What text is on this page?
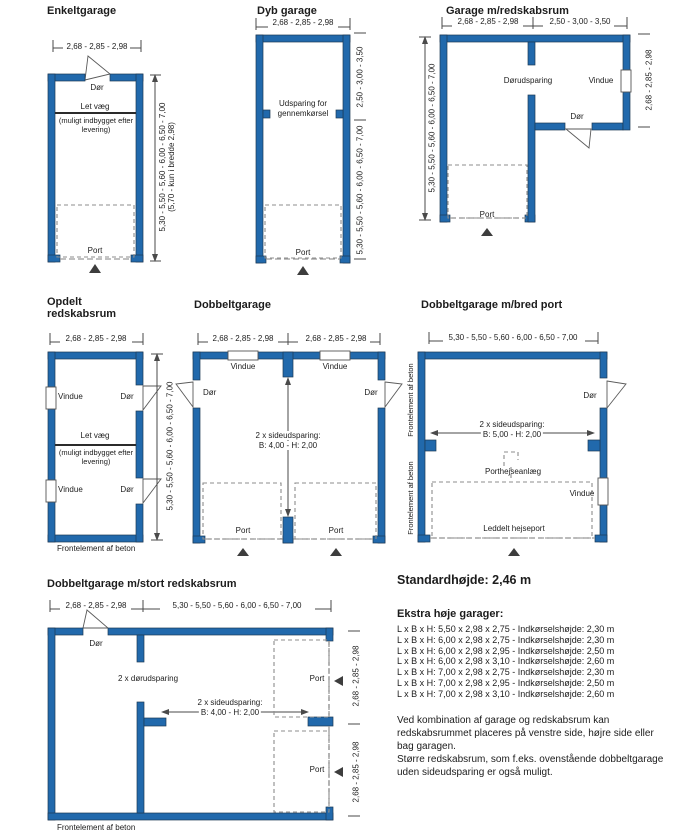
Enkeltgarage
2,68 - 2,85 - 2,98
5,30 - 5,50 - 5,60 - 6,00 - 6,50 - 7,00 (5,70 - kun i bredde 2,98)
Dør
Let væg
(muligt indbygget efter levering)
Port
Dyb garage
2,68 - 2,85 - 2,98
Udsparing for
gennemkørsel
Port
2,50 - 3,00 - 3,50
5,30 - 5,50 - 5,60 - 6,00 - 6,50 - 7,00
Garage m/redskabsrum
2,68 - 2,85 - 2,98	2,50 - 3,00 - 3,50
Dørudsparing	Vindue
Dør
Port
5,30 - 5,50 - 5,60 - 6,00 - 6,50 - 7,00	2,68 - 2,85 - 2,98
Opdelt
redskabsrum
2,68 - 2,85 - 2,98
Vindue	Dør
Vindue	Dør
Let væg
(muligt indbygget efter levering)
Frontelement af beton
5,30 - 5,50 - 5,60 - 6,00 - 6,50 - 7,00
Dobbeltgarage
2,68 - 2,85 - 2,98	2,68 - 2,85 - 2,98
Vindue	Vindue
Dør	Dør
2 x sideudsparing:
B: 4,00 - H: 2,00
Port	Port
Dobbeltgarage m/bred port
5,30 - 5,50 - 5,60 - 6,00 - 6,50 - 7,00
Frontelement af beton
Frontelement af beton
Dør
2 x sideudsparing:
B: 5,00 - H: 2,00
Porthejseanlæg
Vindue
Leddelt hejseport
Dobbeltgarage m/stort redskabsrum
2,68 - 2,85 - 2,98	5,30 - 5,50 - 5,60 - 6,00 - 6,50 - 7,00
Dør
2 x dørudsparing
2 x sideudsparing:
B: 4,00 - H: 2,00
Port
Port
2,68 - 2,85 - 2,98
2,68 - 2,85 - 2,98
Frontelement af beton
Standardhøjde: 2,46 m
Ekstra høje garager:
L x B x H: 5,50 x 2,98 x 2,75 - Indkørselshøjde: 2,30 m
L x B x H: 6,00 x 2,98 x 2,75 - Indkørselshøjde: 2,30 m
L x B x H: 6,00 x 2,98 x 2,95 - Indkørselshøjde: 2,50 m
L x B x H: 6,00 x 2,98 x 3,10 - Indkørselshøjde: 2,60 m
L x B x H: 7,00 x 2,98 x 2,75 - Indkørselshøjde: 2,30 m
L x B x H: 7,00 x 2,98 x 2,95 - Indkørselshøjde: 2,50 m
L x B x H: 7,00 x 2,98 x 3,10 - Indkørselshøjde: 2,60 m
Ved kombination af garage og redskabsrum kan redskabsrummet placeres på venstre side, højre side eller bag garagen.
Større redskabsrum, som f.eks. ovenstående dobbeltgarage uden sideudsparing er også muligt.
